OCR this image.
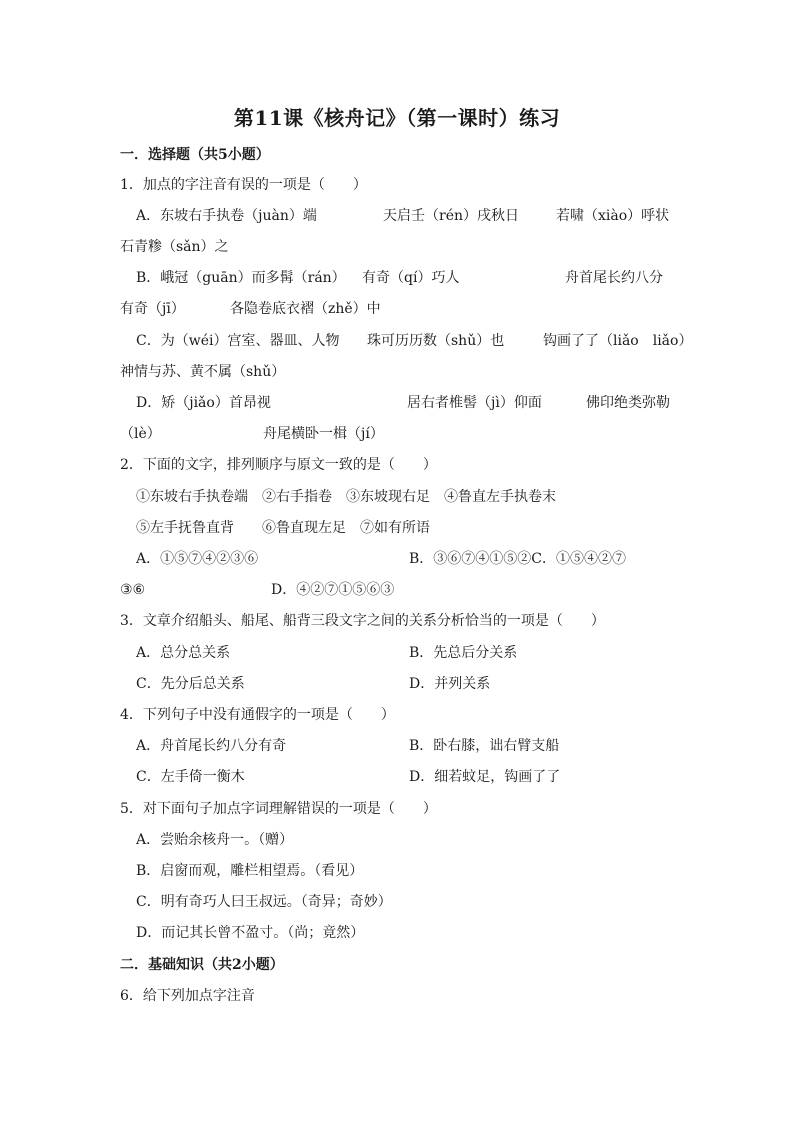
第11课《核舟记》（第一课时）练习
一．选择题（共5小题）
1．加点的字注音有误的一项是（　　）
A．东坡右手执卷（juàn）端	天启壬（rén）戌秋日	若啸（xiào）呼状
石青糁（sǎn）之
B．峨冠（guān）而多髯（rán） 有奇（qí）巧人	舟首尾长约八分
有奇（jī）	各隐卷底衣褶（zhě）中
C．为（wéi）宫室、器皿、人物 珠可历历数（shǔ）也	钩画了了（liǎo　liǎo）
神情与苏、黄不属（shǔ）
D．矫（jiǎo）首昂视	居右者椎髻（jì）仰面	佛印绝类弥勒
（lè）	舟尾横卧一楫（jí）
2．下面的文字，排列顺序与原文一致的是（　　）
①东坡右手执卷端　②右手指卷　③东坡现右足　④鲁直左手执卷末
⑤左手抚鲁直背　　⑥鲁直现左足　⑦如有所语
A．①⑤⑦④②③⑥	B．③⑥⑦④①⑤②C．①⑤④②⑦
③⑥	D．④②⑦①⑤⑥③
3．文章介绍船头、船尾、船背三段文字之间的关系分析恰当的一项是（　　）
A．总分总关系	B．先总后分关系
C．先分后总关系	D．并列关系
4．下列句子中没有通假字的一项是（　　）
A．舟首尾长约八分有奇	B．卧右膝，诎右臂支船
C．左手倚一衡木	D．细若蚊足，钩画了了
5．对下面句子加点字词理解错误的一项是（　　）
A．尝贻余核舟一。（赠）
B．启窗而观，雕栏相望焉。（看见）
C．明有奇巧人曰王叔远。（奇异；奇妙）
D．而记其长曾不盈寸。（尚；竟然）
二．基础知识（共2小题）
6．给下列加点字注音
